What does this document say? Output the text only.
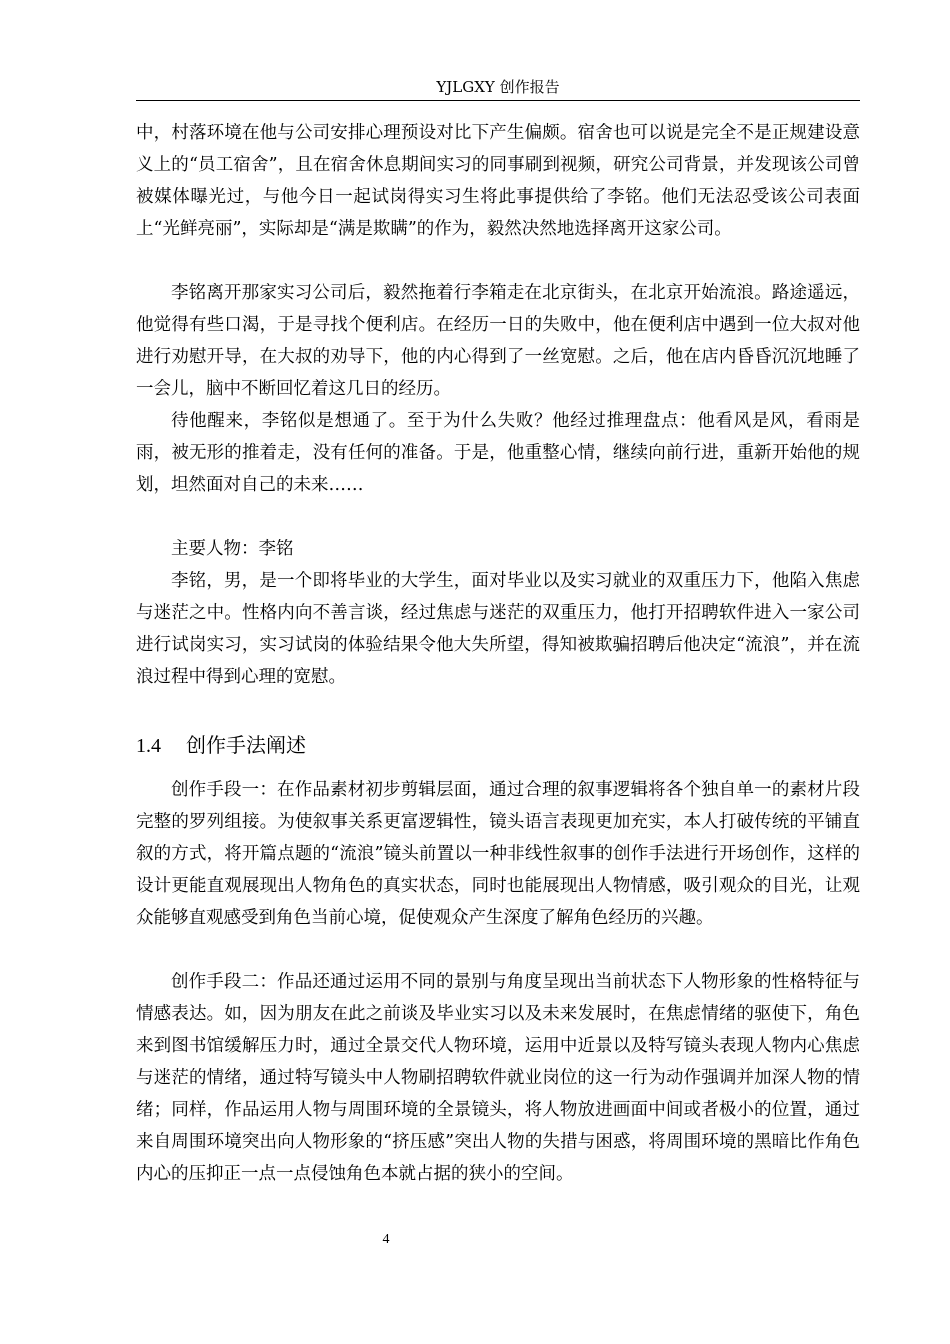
YJLGXY 创作报告

中，村落环境在他与公司安排心理预设对比下产生偏颇。宿舍也可以说是完全不是正规建设意义上的“员工宿舍”，且在宿舍休息期间实习的同事刷到视频，研究公司背景，并发现该公司曾被媒体曝光过，与他今日一起试岗得实习生将此事提供给了李铭。他们无法忍受该公司表面上“光鲜亮丽”，实际却是“满是欺瞒”的作为，毅然决然地选择离开这家公司。

李铭离开那家实习公司后，毅然拖着行李箱走在北京街头，在北京开始流浪。路途遥远，他觉得有些口渴，于是寻找个便利店。在经历一日的失败中，他在便利店中遇到一位大叔对他进行劝慰开导，在大叔的劝导下，他的内心得到了一丝宽慰。之后，他在店内昏昏沉沉地睡了一会儿，脑中不断回忆着这几日的经历。

待他醒来，李铭似是想通了。至于为什么失败？他经过推理盘点：他看风是风，看雨是雨，被无形的推着走，没有任何的准备。于是，他重整心情，继续向前行进，重新开始他的规划，坦然面对自己的未来……

主要人物：李铭

李铭，男，是一个即将毕业的大学生，面对毕业以及实习就业的双重压力下，他陷入焦虑与迷茫之中。性格内向不善言谈，经过焦虑与迷茫的双重压力，他打开招聘软件进入一家公司进行试岗实习，实习试岗的体验结果令他大失所望，得知被欺骗招聘后他决定“流浪”，并在流浪过程中得到心理的宽慰。

1.4 创作手法阐述

创作手段一：在作品素材初步剪辑层面，通过合理的叙事逻辑将各个独自单一的素材片段完整的罗列组接。为使叙事关系更富逻辑性，镜头语言表现更加充实，本人打破传统的平铺直叙的方式，将开篇点题的“流浪”镜头前置以一种非线性叙事的创作手法进行开场创作，这样的设计更能直观展现出人物角色的真实状态，同时也能展现出人物情感，吸引观众的目光，让观众能够直观感受到角色当前心境，促使观众产生深度了解角色经历的兴趣。

创作手段二：作品还通过运用不同的景别与角度呈现出当前状态下人物形象的性格特征与情感表达。如，因为朋友在此之前谈及毕业实习以及未来发展时，在焦虑情绪的驱使下，角色来到图书馆缓解压力时，通过全景交代人物环境，运用中近景以及特写镜头表现人物内心焦虑与迷茫的情绪，通过特写镜头中人物刷招聘软件就业岗位的这一行为动作强调并加深人物的情绪；同样，作品运用人物与周围环境的全景镜头，将人物放进画面中间或者极小的位置，通过来自周围环境突出向人物形象的“挤压感”突出人物的失措与困惑，将周围环境的黑暗比作角色内心的压抑正一点一点侵蚀角色本就占据的狭小的空间。

4
